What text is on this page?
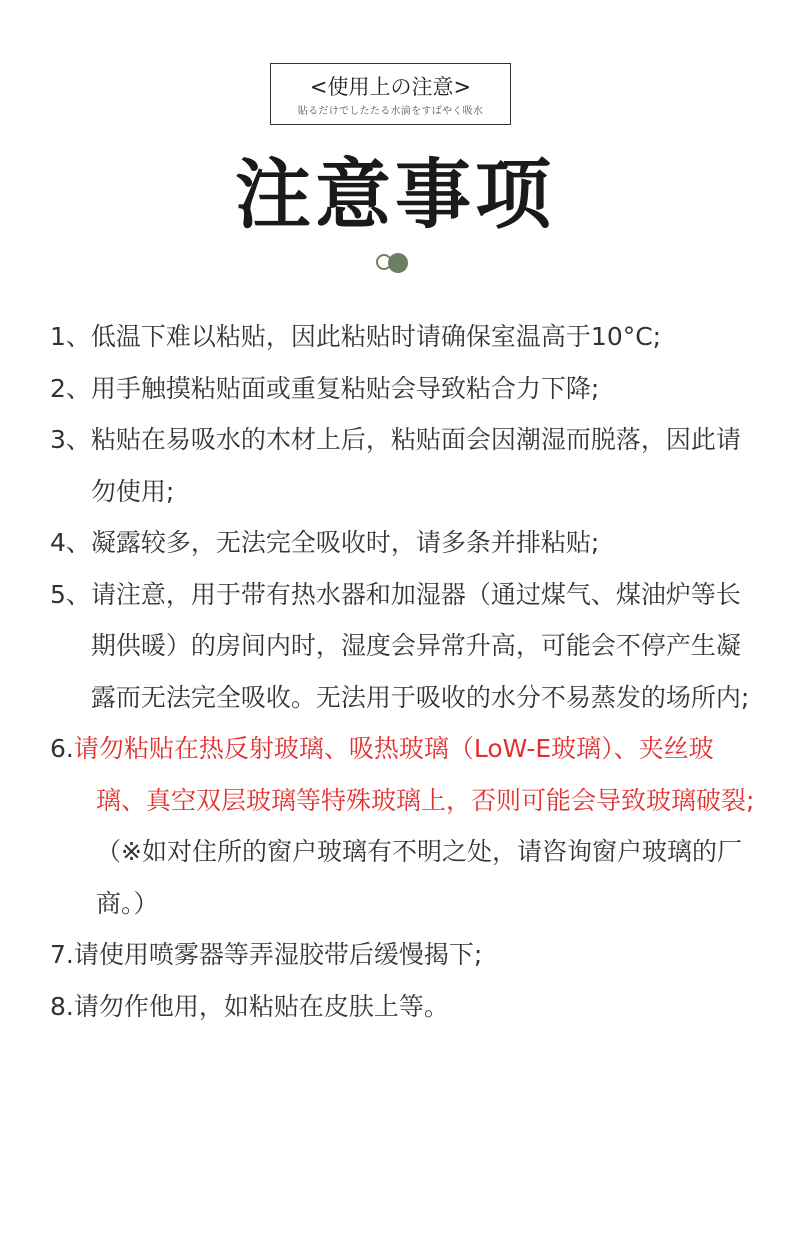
<使用上の注意>
貼るだけでしたたる水滴をすばやく吸水
注意事项
1、 低温下难以粘贴，因此粘贴时请确保室温高于10°C;
2、 用手触摸粘贴面或重复粘贴会导致粘合力下降;
3、 粘贴在易吸水的木材上后，粘贴面会因潮湿而脱落，因此请勿使用;
4、 凝露较多，无法完全吸收时，请多条并排粘贴;
5、 请注意，用于带有热水器和加湿器（通过煤气、煤油炉等长期供暖）的房间内时，湿度会异常升高，可能会不停产生凝露而无法完全吸收。无法用于吸收的水分不易蒸发的场所内;
6.请勿粘贴在热反射玻璃、吸热玻璃（LoW-E玻璃）、夹丝玻璃、真空双层玻璃等特殊玻璃上，否则可能会导致玻璃破裂;（※如对住所的窗户玻璃有不明之处，请咨询窗户玻璃的厂商。）
7. 请使用喷雾器等弄湿胶带后缓慢揭下;
8. 请勿作他用，如粘贴在皮肤上等。
